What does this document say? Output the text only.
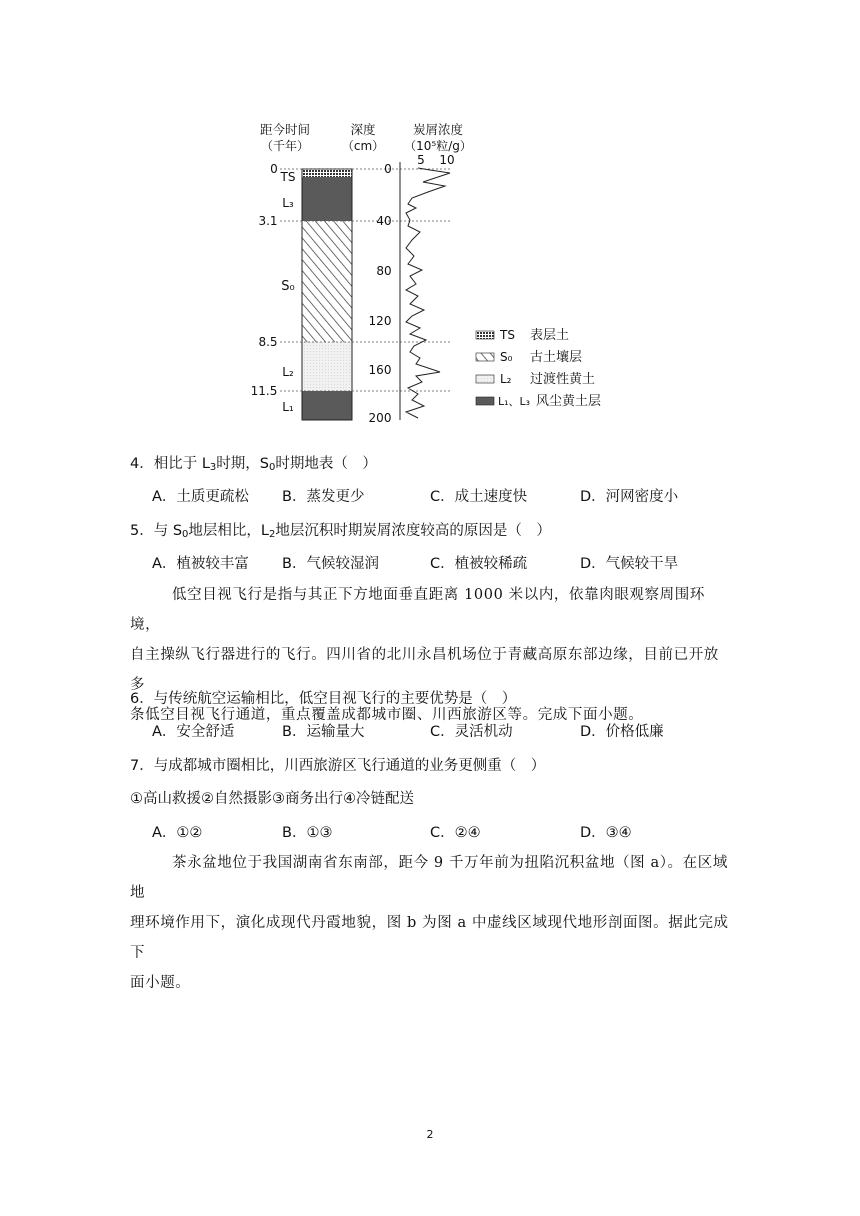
距今时间
（千年）
深度
（cm）
炭屑浓度
（10⁵粒/g）
5 10
0
3.1
8.5
11.5
TS
L₃
S₀
L₂
L₁
0
40
80
120
160
200
TS 表层土
S₀ 古土壤层
L₂ 过渡性黄土
L₁、L₃ 风尘黄土层
4．相比于 $L_3$时期，$S_0$时期地表（　）
A．土质更疏松 B．蒸发更少	C．成土速度快	D．河网密度小
5．与 $S_0$地层相比，$L_2$地层沉积时期炭屑浓度较高的原因是（　）
A．植被较丰富 B．气候较湿润	C．植被较稀疏	D．气候较干旱
低空目视飞行是指与其正下方地面垂直距离 1000 米以内，依靠肉眼观察周围环境，
自主操纵飞行器进行的飞行。四川省的北川永昌机场位于青藏高原东部边缘，目前已开放多
条低空目视飞行通道，重点覆盖成都城市圈、川西旅游区等。完成下面小题。
6．与传统航空运输相比，低空目视飞行的主要优势是（　）
A．安全舒适	B．运输量大	C．灵活机动	D．价格低廉
7．与成都城市圈相比，川西旅游区飞行通道的业务更侧重（　）
①高山救援②自然摄影③商务出行④冷链配送
A．①②	B．①③	C．②④	D．③④
茶永盆地位于我国湖南省东南部，距今 9 千万年前为扭陷沉积盆地（图 a）。在区域地
理环境作用下，演化成现代丹霞地貌，图 b 为图 a 中虚线区域现代地形剖面图。据此完成下
面小题。
2
